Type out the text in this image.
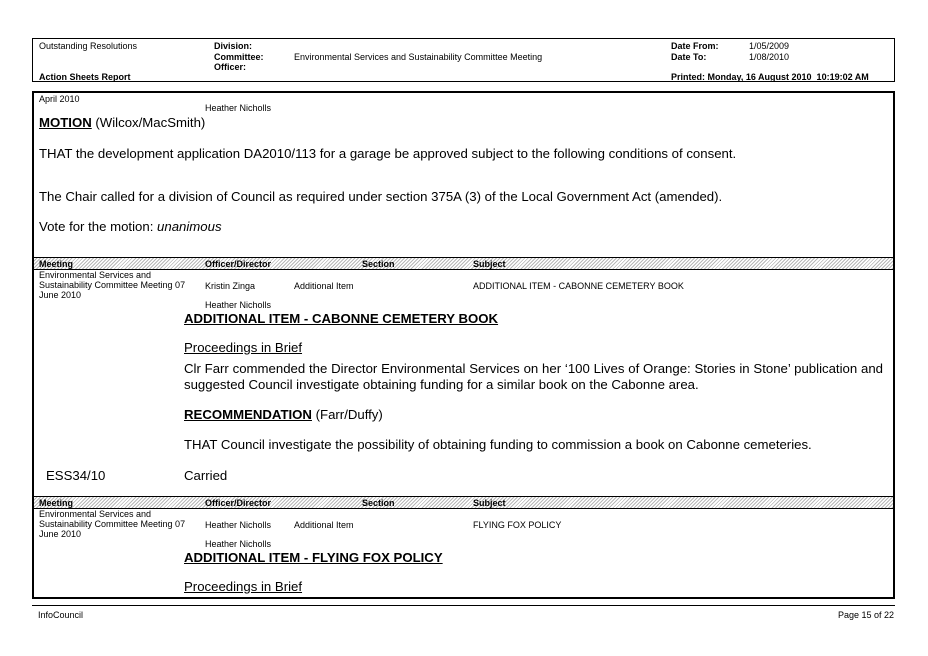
Outstanding Resolutions
Action Sheets Report
Division:
Committee:	Environmental Services and Sustainability Committee Meeting
Officer:
Date From:	1/05/2009
Date To:	1/08/2010
Printed: Monday, 16 August 2010  10:19:02 AM
April 2010
Heather Nicholls
MOTION (Wilcox/MacSmith)
THAT the development application DA2010/113 for a garage be approved subject to the following conditions of consent.
The Chair called for a division of Council as required under section 375A (3) of the Local Government Act (amended).
Vote for the motion: unanimous
Meeting	Officer/Director	Section	Subject
Environmental Services and
Sustainability Committee Meeting 07
June 2010
Kristin Zinga	Additional Item	ADDITIONAL ITEM - CABONNE CEMETERY BOOK
Heather Nicholls
ADDITIONAL ITEM - CABONNE CEMETERY BOOK
Proceedings in Brief
Clr Farr commended the Director Environmental Services on her ‘100 Lives of Orange: Stories in Stone’ publication and suggested Council investigate obtaining funding for a similar book on the Cabonne area.
RECOMMENDATION (Farr/Duffy)
THAT Council investigate the possibility of obtaining funding to commission a book on Cabonne cemeteries.
ESS34/10	Carried
Meeting	Officer/Director	Section	Subject
Environmental Services and
Sustainability Committee Meeting 07
June 2010
Heather Nicholls	Additional Item	FLYING FOX POLICY
Heather Nicholls
ADDITIONAL ITEM - FLYING FOX POLICY
Proceedings in Brief
InfoCouncil	Page 15 of 22
